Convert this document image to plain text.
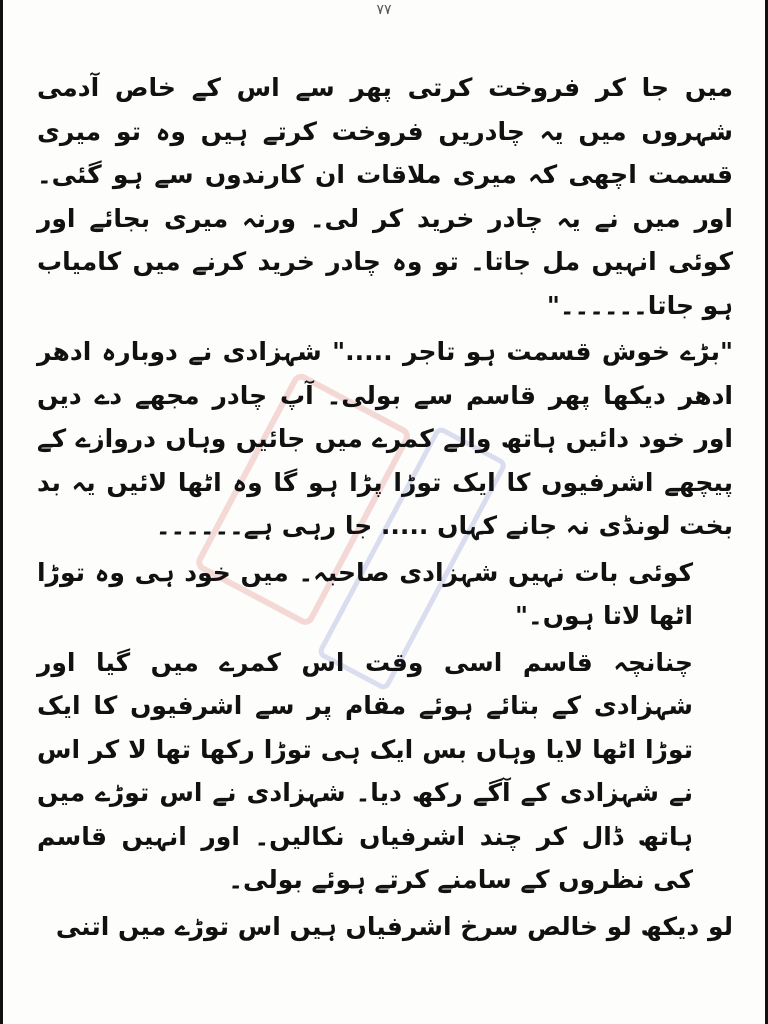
۷۷

میں جا کر فروخت کرتی پھر سے اس کے خاص آدمی شہروں میں یہ چادریں فروخت کرتے ہیں وہ تو میری قسمت اچھی کہ میری ملاقات ان کارندوں سے ہو گئی۔ اور میں نے یہ چادر خرید کر لی۔ ورنہ میری بجائے اور کوئی انہیں مل جاتا۔ تو وہ چادر خرید کرنے میں کامیاب ہو جاتا۔۔۔۔۔۔"

"بڑے خوش قسمت ہو تاجر ....." شہزادی نے دوبارہ ادھر ادھر دیکھا پھر قاسم سے بولی۔ آپ چادر مجھے دے دیں اور خود دائیں ہاتھ والے کمرے میں جائیں وہاں دروازے کے پیچھے اشرفیوں کا ایک توڑا پڑا ہو گا وہ اٹھا لائیں یہ بد بخت لونڈی نہ جانے کہاں ..... جا رہی ہے۔۔۔۔۔۔

کوئی بات نہیں شہزادی صاحبہ۔ میں خود ہی وہ توڑا اٹھا لاتا ہوں۔"

چنانچہ قاسم اسی وقت اس کمرے میں گیا اور شہزادی کے بتائے ہوئے مقام پر سے اشرفیوں کا ایک توڑا اٹھا لایا وہاں بس ایک ہی توڑا رکھا تھا لا کر اس نے شہزادی کے آگے رکھ دیا۔ شہزادی نے اس توڑے میں ہاتھ ڈال کر چند اشرفیاں نکالیں۔ اور انہیں قاسم کی نظروں کے سامنے کرتے ہوئے بولی۔

لو دیکھ لو خالص سرخ اشرفیاں ہیں اس توڑے میں اتنی
